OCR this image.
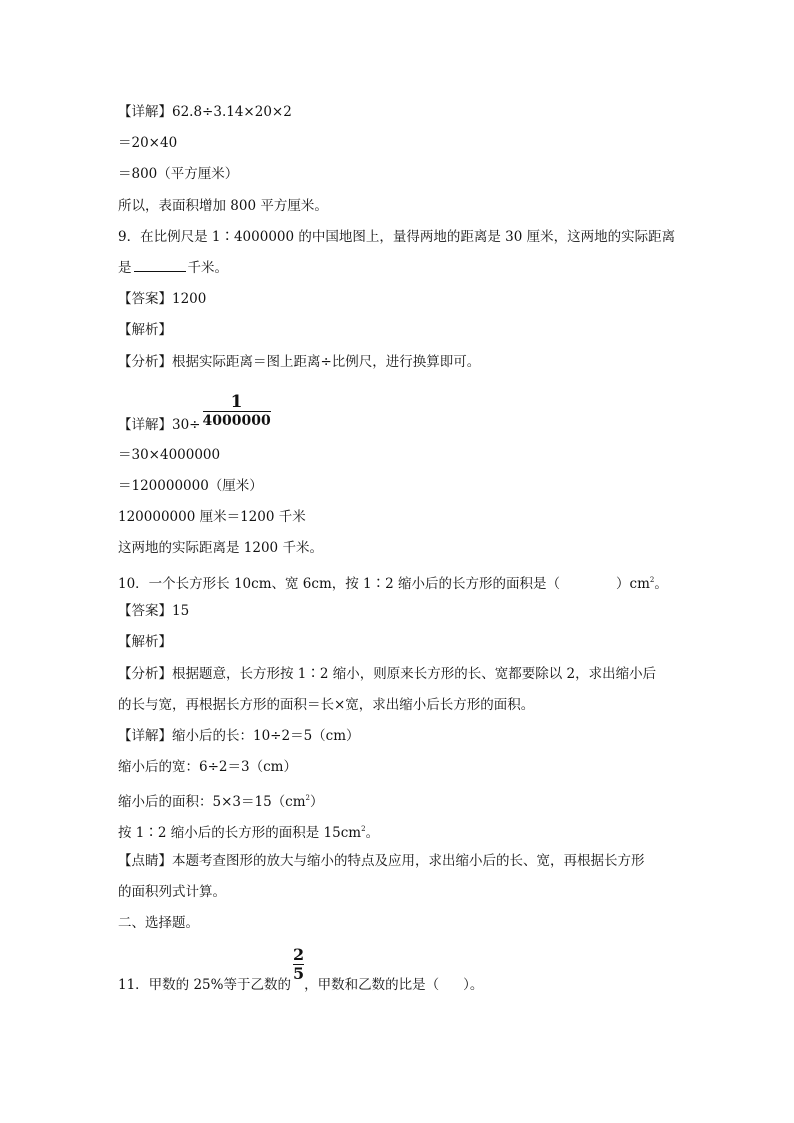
【详解】62.8÷3.14×20×2
＝20×40
＝800（平方厘米）
所以，表面积增加 800 平方厘米。
9．在比例尺是 1∶4000000 的中国地图上，量得两地的距离是 30 厘米，这两地的实际距离
是	千米。
【答案】1200
【解析】
【分析】根据实际距离＝图上距离÷比例尺，进行换算即可。
【详解】$30\div \frac{1}{4000000}$
＝30×4000000
＝120000000（厘米）
120000000 厘米＝1200 千米
这两地的实际距离是 1200 千米。
10．一个长方形长 10cm、宽 6cm，按 1∶2 缩小后的长方形的面积是（	）$cm^2$。
【答案】15
【解析】
【分析】根据题意，长方形按 1∶2 缩小，则原来长方形的长、宽都要除以 2，求出缩小后
的长与宽，再根据长方形的面积＝长×宽，求出缩小后长方形的面积。
【详解】缩小后的长：10÷2＝5（cm）
缩小后的宽：6÷2＝3（cm）
缩小后的面积：$5\times 3=15(cm^2)$
按 1∶2 缩小后的长方形的面积是 $15cm^2$。
【点睛】本题考查图形的放大与缩小的特点及应用，求出缩小后的长、宽，再根据长方形
的面积列式计算。
二、选择题。
11．甲数的 25%等于乙数的
$\frac{2}{5}$
，甲数和乙数的比是（ ）。
